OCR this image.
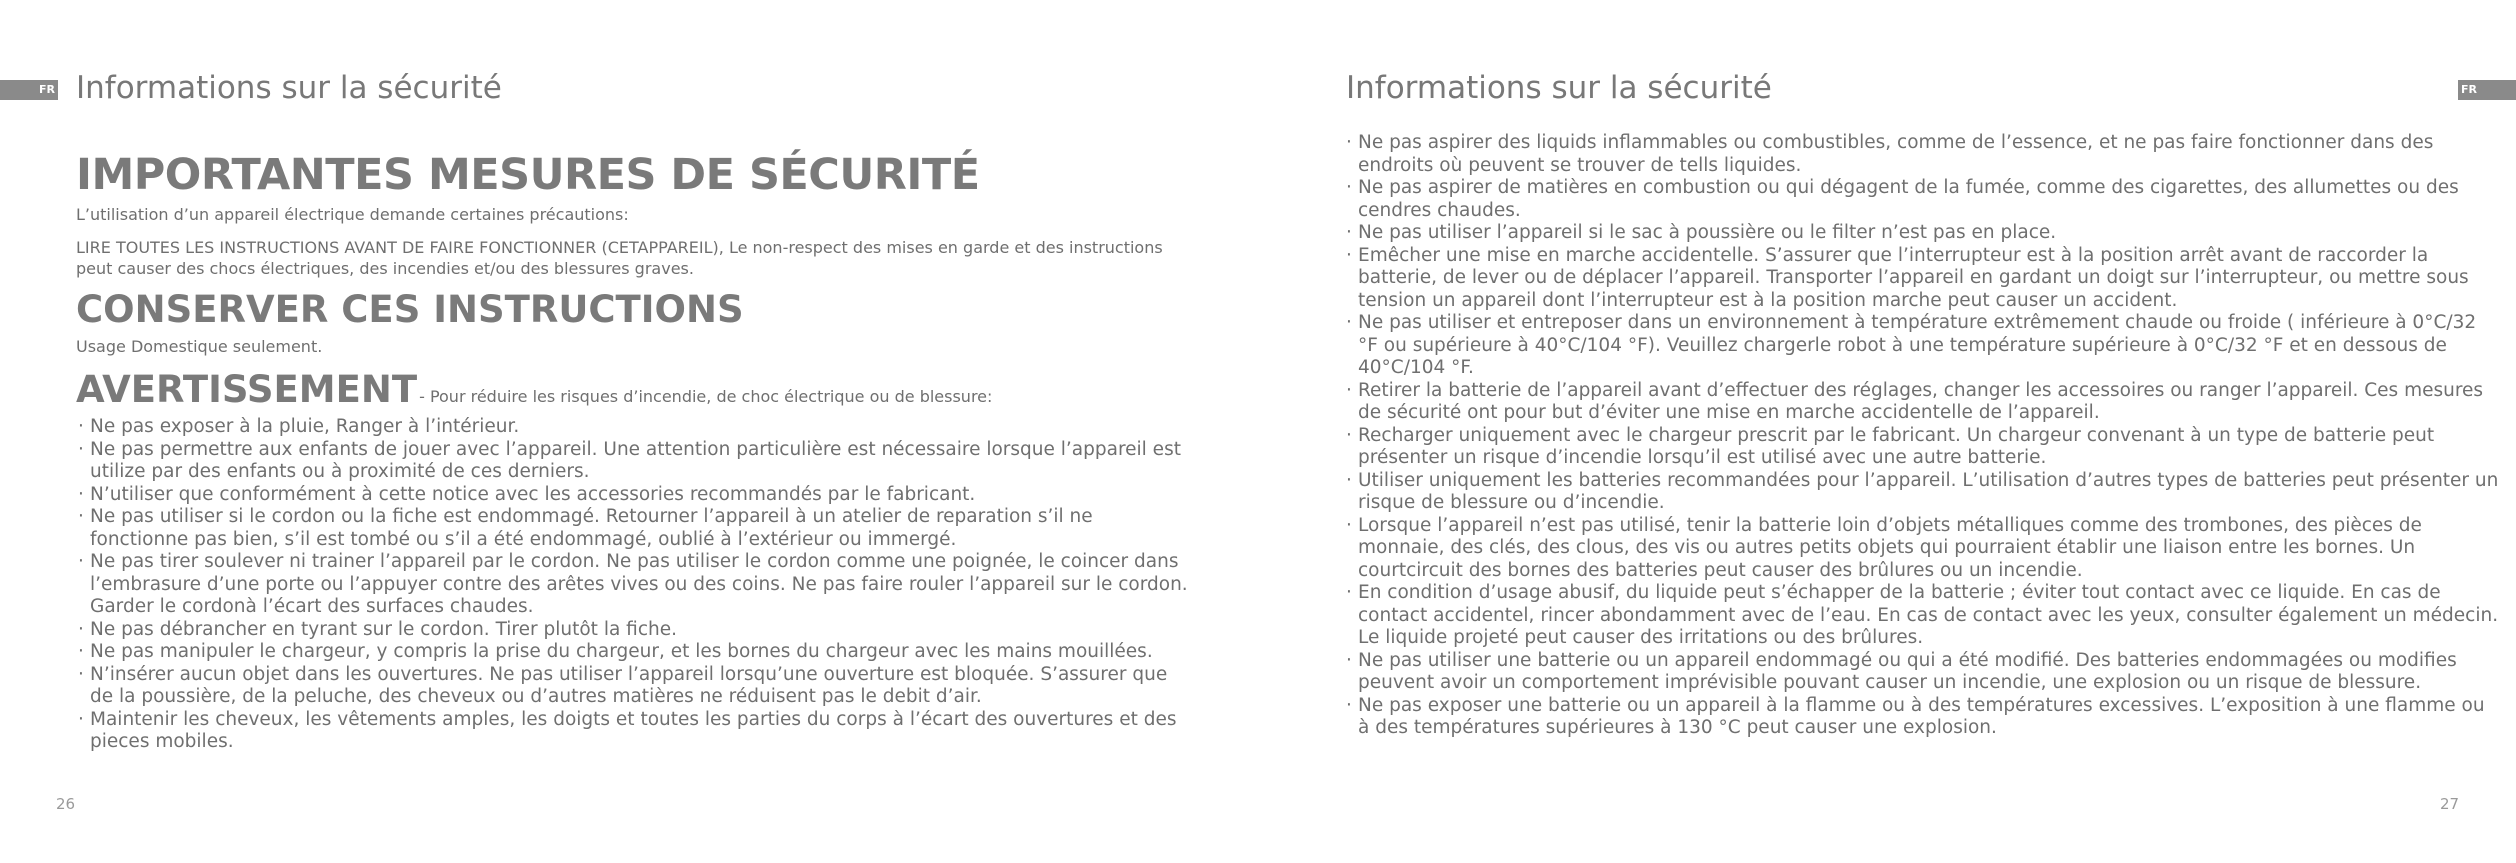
FR Informations sur la sécurité
IMPORTANTES MESURES DE SÉCURITÉ

L’utilisation d’un appareil électrique demande certaines précautions:

LIRE TOUTES LES INSTRUCTIONS AVANT DE FAIRE FONCTIONNER (CETAPPAREIL), Le non-respect des mises en garde et des instructions peut causer des chocs électriques, des incendies et/ou des blessures graves.

CONSERVER CES INSTRUCTIONS

Usage Domestique seulement.

AVERTISSEMENT - Pour réduire les risques d’incendie, de choc électrique ou de blessure:
· Ne pas exposer à la pluie, Ranger à l’intérieur.
· Ne pas permettre aux enfants de jouer avec l’appareil. Une attention particulière est nécessaire lorsque l’appareil est utilize par des enfants ou à proximité de ces derniers.
· N’utiliser que conformément à cette notice avec les accessories recommandés par le fabricant.
· Ne pas utiliser si le cordon ou la fiche est endommagé. Retourner l’appareil à un atelier de reparation s’il ne fonctionne pas bien, s’il est tombé ou s’il a été endommagé, oublié à l’extérieur ou immergé.
· Ne pas tirer soulever ni trainer l’appareil par le cordon. Ne pas utiliser le cordon comme une poignée, le coincer dans l’embrasure d’une porte ou l’appuyer contre des arêtes vives ou des coins. Ne pas faire rouler l’appareil sur le cordon. Garder le cordonà l’écart des surfaces chaudes.
· Ne pas débrancher en tyrant sur le cordon. Tirer plutôt la fiche.
· Ne pas manipuler le chargeur, y compris la prise du chargeur, et les bornes du chargeur avec les mains mouillées.
· N’insérer aucun objet dans les ouvertures. Ne pas utiliser l’appareil lorsqu’une ouverture est bloquée. S’assurer que de la poussière, de la peluche, des cheveux ou d’autres matières ne réduisent pas le debit d’air.
· Maintenir les cheveux, les vêtements amples, les doigts et toutes les parties du corps à l’écart des ouvertures et des pieces mobiles.
26
Informations sur la sécurité	FR
· Ne pas aspirer des liquids inflammables ou combustibles, comme de l’essence, et ne pas faire fonctionner dans des endroits où peuvent se trouver de tells liquides.
· Ne pas aspirer de matières en combustion ou qui dégagent de la fumée, comme des cigarettes, des allumettes ou des cendres chaudes.
· Ne pas utiliser l’appareil si le sac à poussière ou le filter n’est pas en place.
· Emêcher une mise en marche accidentelle. S’assurer que l’interrupteur est à la position arrêt avant de raccorder la batterie, de lever ou de déplacer l’appareil. Transporter l’appareil en gardant un doigt sur l’interrupteur, ou mettre sous tension un appareil dont l’interrupteur est à la position marche peut causer un accident.
· Ne pas utiliser et entreposer dans un environnement à température extrêmement chaude ou froide ( inférieure à 0°C/32 °F ou supérieure à 40°C/104 °F). Veuillez chargerle robot à une température supérieure à 0°C/32 °F et en dessous de 40°C/104 °F.
· Retirer la batterie de l’appareil avant d’effectuer des réglages, changer les accessoires ou ranger l’appareil. Ces mesures de sécurité ont pour but d’éviter une mise en marche accidentelle de l’appareil.
· Recharger uniquement avec le chargeur prescrit par le fabricant. Un chargeur convenant à un type de batterie peut présenter un risque d’incendie lorsqu’il est utilisé avec une autre batterie.
· Utiliser uniquement les batteries recommandées pour l’appareil. L’utilisation d’autres types de batteries peut présenter un risque de blessure ou d’incendie.
· Lorsque l’appareil n’est pas utilisé, tenir la batterie loin d’objets métalliques comme des trombones, des pièces de monnaie, des clés, des clous, des vis ou autres petits objets qui pourraient établir une liaison entre les bornes. Un courtcircuit des bornes des batteries peut causer des brûlures ou un incendie.
· En condition d’usage abusif, du liquide peut s’échapper de la batterie ; éviter tout contact avec ce liquide. En cas de contact accidentel, rincer abondamment avec de l’eau. En cas de contact avec les yeux, consulter également un médecin. Le liquide projeté peut causer des irritations ou des brûlures.
· Ne pas utiliser une batterie ou un appareil endommagé ou qui a été modifié. Des batteries endommagées ou modifies peuvent avoir un comportement imprévisible pouvant causer un incendie, une explosion ou un risque de blessure.
· Ne pas exposer une batterie ou un appareil à la flamme ou à des températures excessives. L’exposition à une flamme ou à des températures supérieures à 130 °C peut causer une explosion.
27
